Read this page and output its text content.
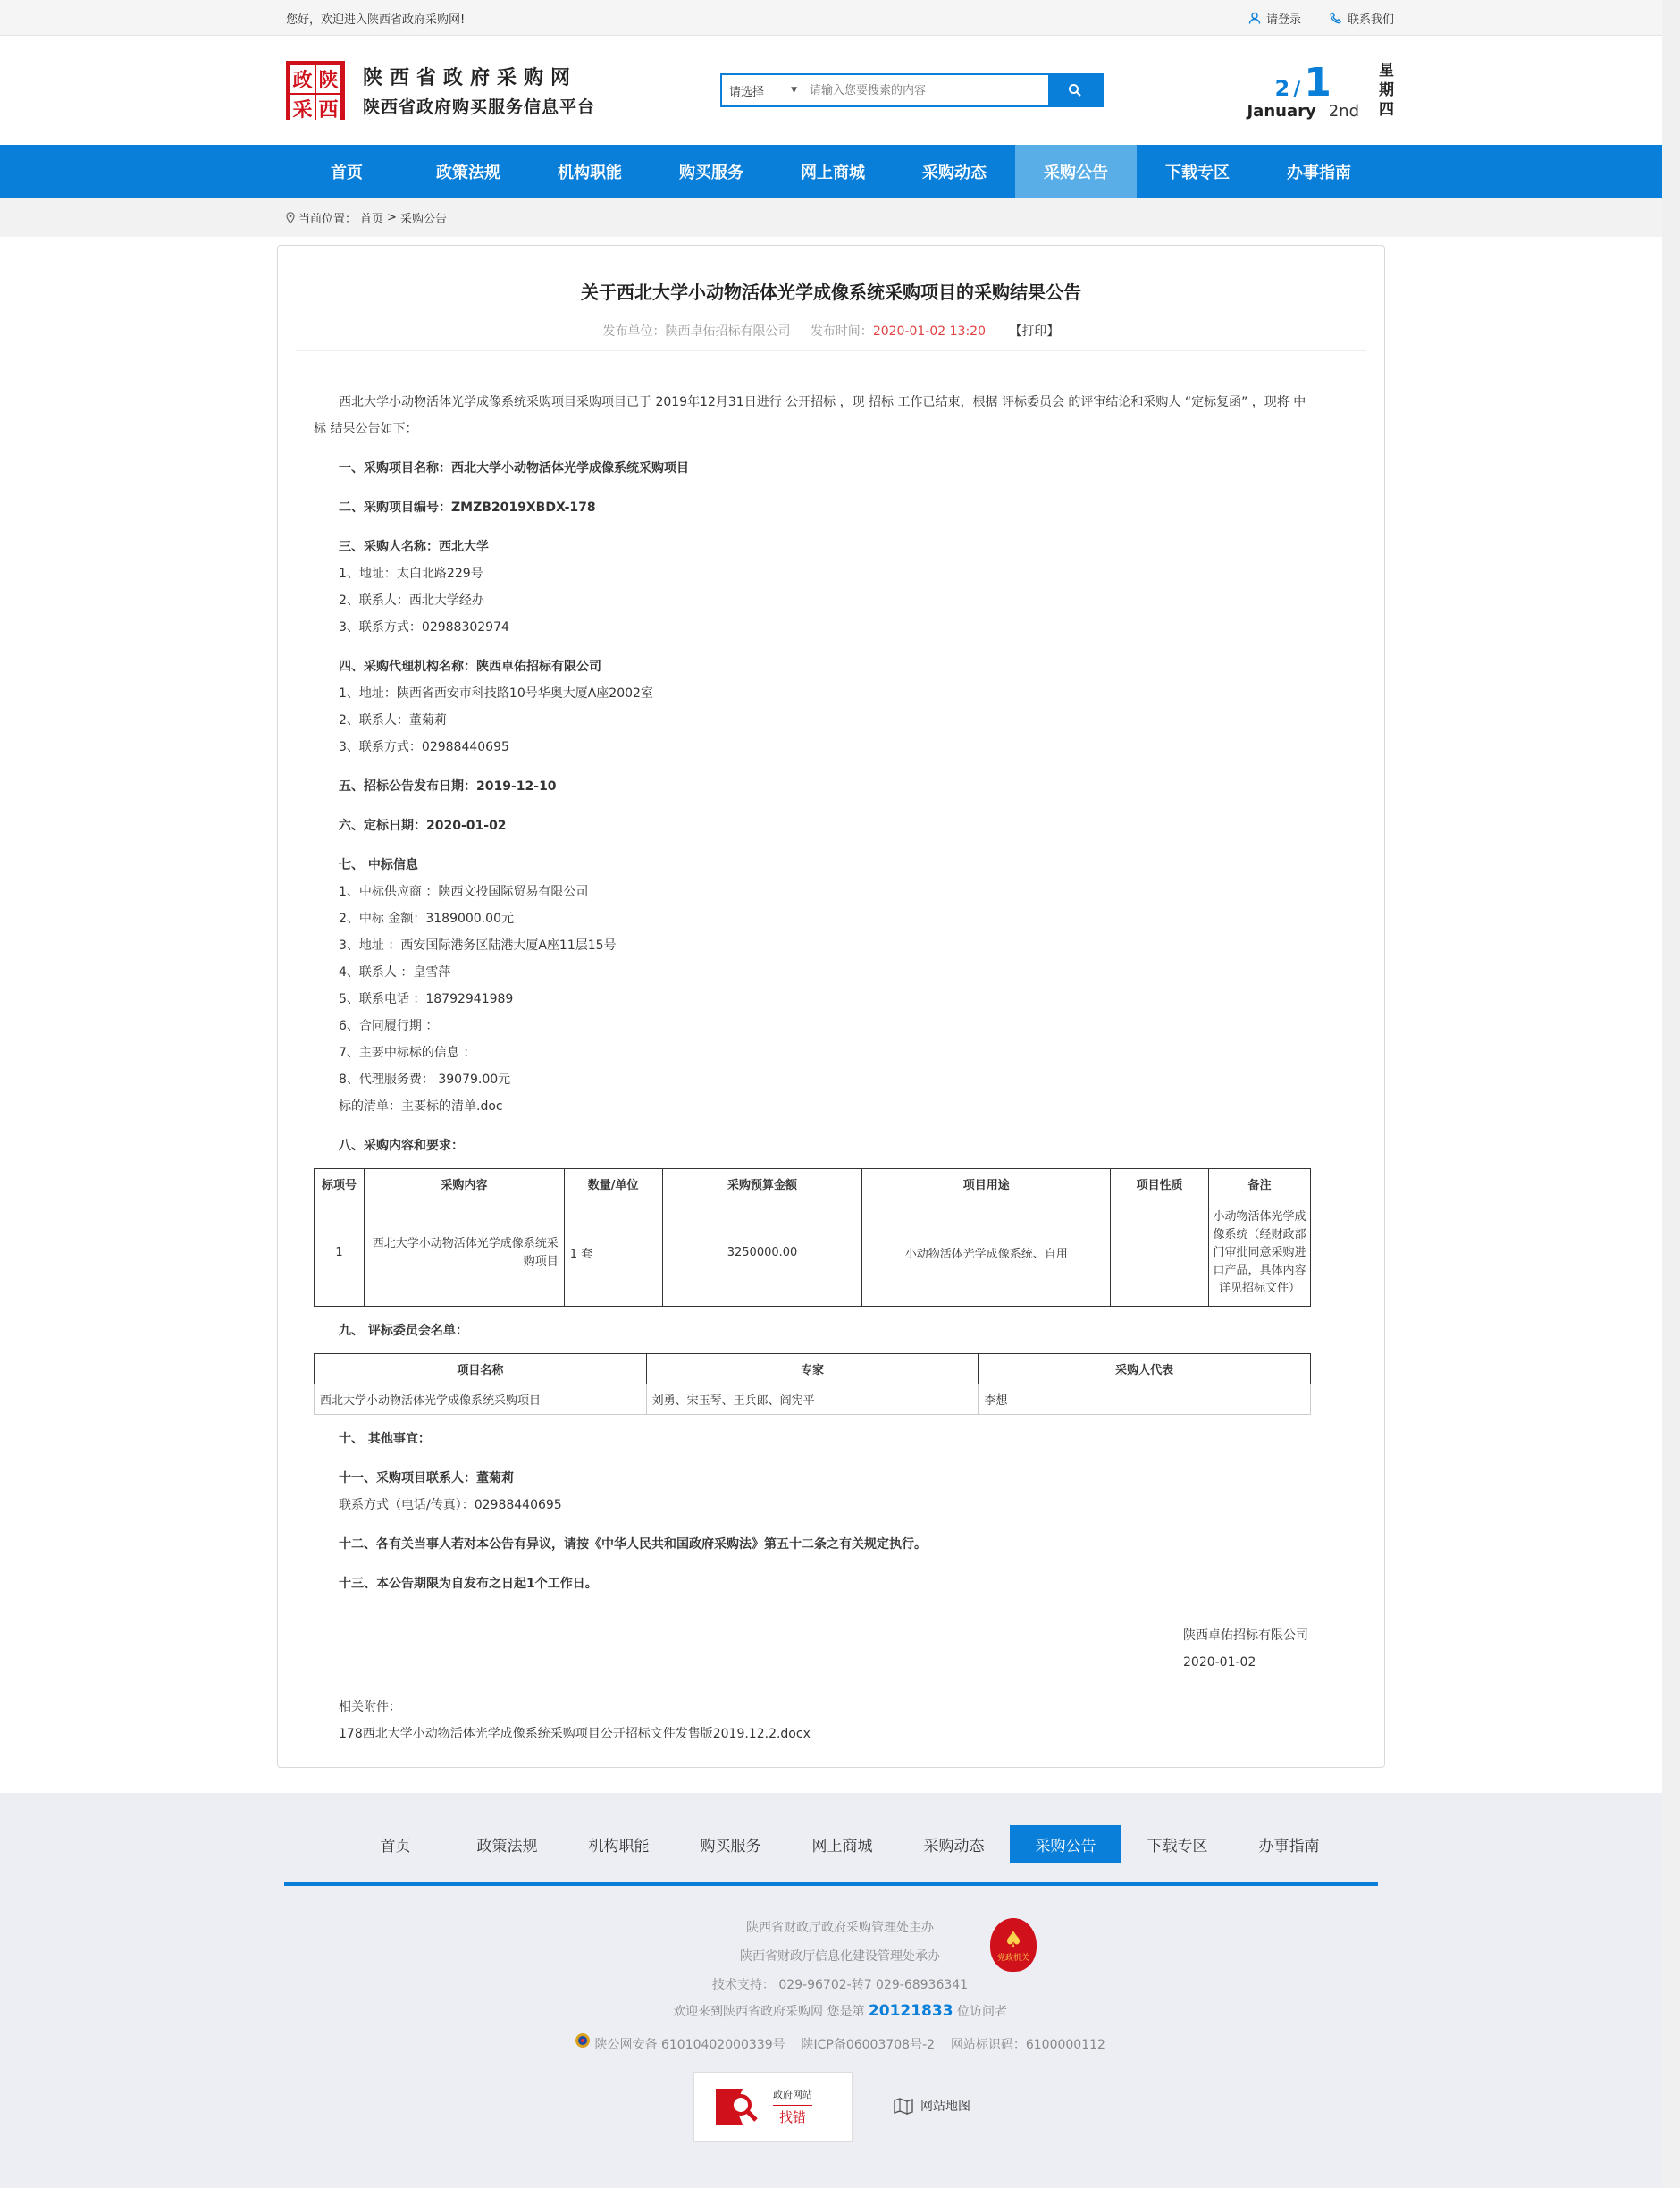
您好，欢迎进入陕西省政府采购网!	请登录	联系我们
政 陕
采 西
陕西省政府采购网
陕西省政府购买服务信息平台
请选择	▼
请输入您要搜索的内容	2 /1
January 2nd
星
期
四
首页	政策法规	机构职能	购买服务	网上商城	采购动态	采购公告	下载专区	办事指南
当前位置： 首页 > 采购公告
关于西北大学小动物活体光学成像系统采购项目的采购结果公告
发布单位：陕西卓佑招标有限公司 发布时间：2020-01-02 13:20 【打印】

西北大学小动物活体光学成像系统采购项目采购项目已于 2019年12月31日进行 公开招标 ，现 招标 工作已结束，根据 评标委员会 的评审结论和采购人 “定标复函” ，现将 中标 结果公告如下：

一、采购项目名称：西北大学小动物活体光学成像系统采购项目
二、采购项目编号：ZMZB2019XBDX-178
三、采购人名称：西北大学
1、地址：太白北路229号
2、联系人：西北大学经办
3、联系方式：02988302974
四、采购代理机构名称：陕西卓佑招标有限公司
1、地址：陕西省西安市科技路10号华奥大厦A座2002室
2、联系人：董菊莉
3、联系方式：02988440695
五、招标公告发布日期：2019-12-10
六、定标日期：2020-01-02
七、 中标信息
1、中标供应商 ：陕西文投国际贸易有限公司
2、中标 金额：3189000.00元
3、地址 ：西安国际港务区陆港大厦A座11层15号
4、联系人 ：皇雪萍
5、联系电话 ：18792941989
6、合同履行期 ：
7、主要中标标的信息 ：
8、代理服务费： 39079.00元
标的清单：主要标的清单.doc
八、采购内容和要求：
标项号	采购内容	数量/单位	采购预算金额	项目用途	项目性质	备注
1	西北大学小动物活体光学成像系统采购项目	1 套	3250000.00	小动物活体光学成像系统、自用		小动物活体光学成像系统（经财政部门审批同意采购进口产品，具体内容详见招标文件）
九、 评标委员会名单：
项目名称	专家	采购人代表
西北大学小动物活体光学成像系统采购项目	刘勇、宋玉琴、王兵郎、阎宪平	李想
十、 其他事宜：
十一、采购项目联系人：董菊莉
联系方式（电话/传真）：02988440695
十二、各有关当事人若对本公告有异议，请按《中华人民共和国政府采购法》第五十二条之有关规定执行。
十三、本公告期限为自发布之日起1个工作日。
陕西卓佑招标有限公司
2020-01-02
相关附件：
178西北大学小动物活体光学成像系统采购项目公开招标文件发售版2019.12.2.docx
首页	政策法规	机构职能	购买服务	网上商城	采购动态	采购公告	下载专区	办事指南
陕西省财政厅政府采购管理处主办
陕西省财政厅信息化建设管理处承办
技术支持： 029-96702-转7 029-68936341
欢迎来到陕西省政府采购网 您是第 20121833 位访问者
陕公网安备 61010402000339号 陕ICP备06003708号-2 网站标识码：6100000112
♠
党政机关
政府网站
找错
网站地图
